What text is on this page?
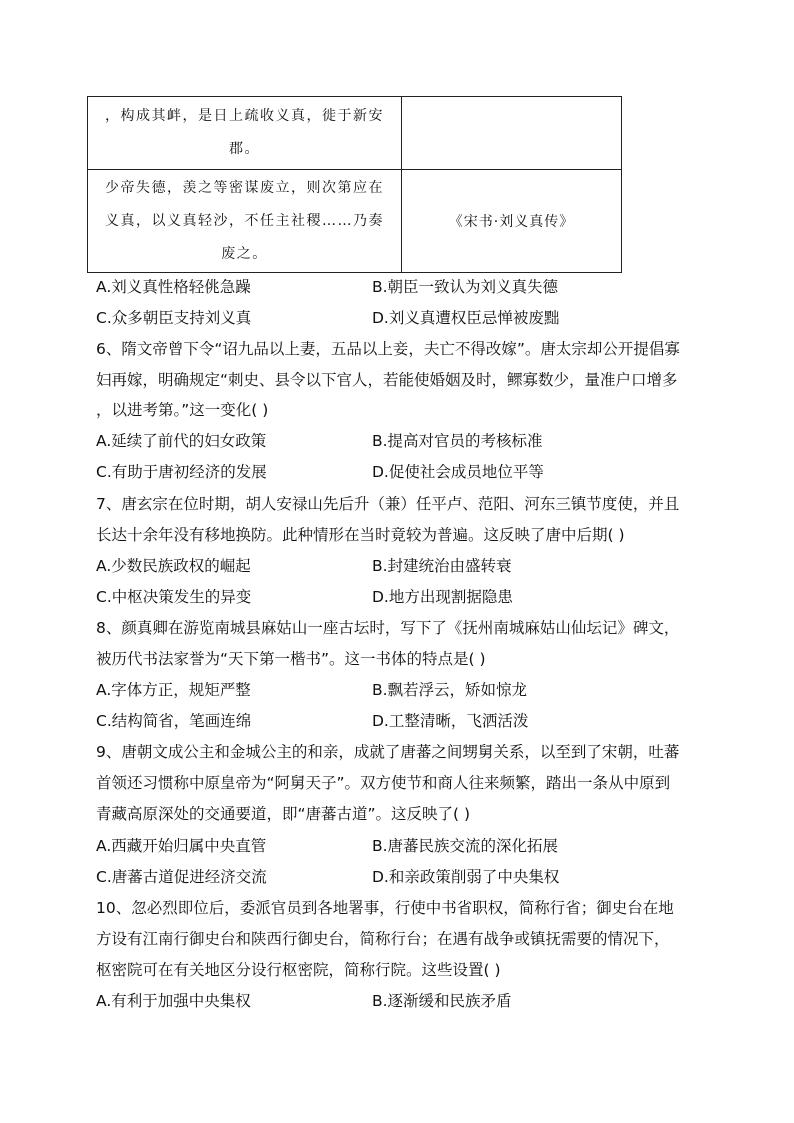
，构成其衅，是日上疏收义真，徙于新安郡。	

少帝失德，羡之等密谋废立，则次第应在义真，以义真轻沙，不任主社稷……乃奏废之。	《宋书·刘义真传》
A.刘义真性格轻佻急躁	B.朝臣一致认为刘义真失德
C.众多朝臣支持刘义真	D.刘义真遭权臣忌惮被废黜
6、隋文帝曾下令“诏九品以上妻，五品以上妾，夫亡不得改嫁”。唐太宗却公开提倡寡
妇再嫁，明确规定“刺史、县令以下官人，若能使婚姻及时，鳏寡数少，量准户口增多
，以进考第。”这一变化( )
A.延续了前代的妇女政策	B.提高对官员的考核标准
C.有助于唐初经济的发展	D.促使社会成员地位平等
7、唐玄宗在位时期，胡人安禄山先后升（兼）任平卢、范阳、河东三镇节度使，并且
长达十余年没有移地换防。此种情形在当时竟较为普遍。这反映了唐中后期( )
A.少数民族政权的崛起	B.封建统治由盛转衰
C.中枢决策发生的异变	D.地方出现割据隐患
8、颜真卿在游览南城县麻姑山一座古坛时，写下了《抚州南城麻姑山仙坛记》碑文，
被历代书法家誉为“天下第一楷书”。这一书体的特点是( )
A.字体方正，规矩严整	B.飘若浮云，矫如惊龙
C.结构简省，笔画连绵	D.工整清晰，飞洒活泼
9、唐朝文成公主和金城公主的和亲，成就了唐蕃之间甥舅关系，以至到了宋朝，吐蕃
首领还习惯称中原皇帝为“阿舅天子”。双方使节和商人往来频繁，踏出一条从中原到
青藏高原深处的交通要道，即“唐蕃古道”。这反映了( )
A.西藏开始归属中央直管	B.唐蕃民族交流的深化拓展
C.唐蕃古道促进经济交流	D.和亲政策削弱了中央集权
10、忽必烈即位后，委派官员到各地署事，行使中书省职权，简称行省；御史台在地
方设有江南行御史台和陕西行御史台，简称行台；在遇有战争或镇抚需要的情况下，
枢密院可在有关地区分设行枢密院，简称行院。这些设置( )
A.有利于加强中央集权	B.逐渐缓和民族矛盾
